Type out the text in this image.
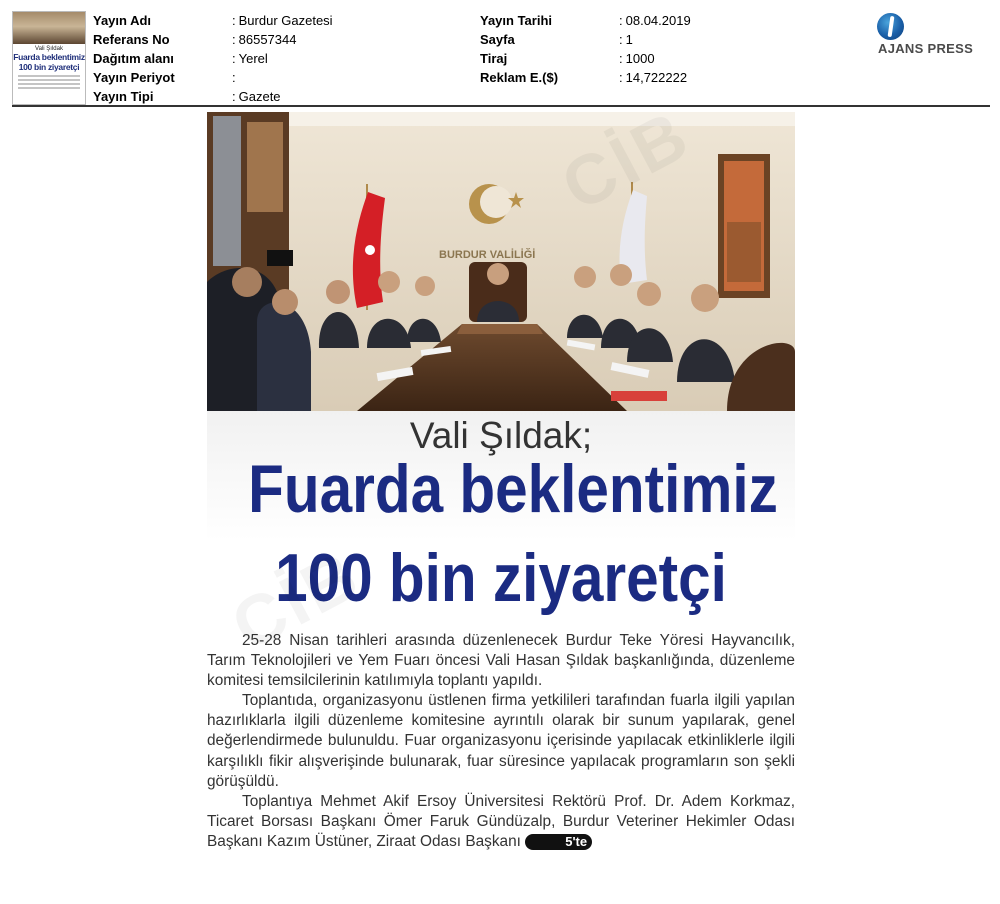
Vali Şıldak
Fuarda beklentimiz
100 bin ziyaretçi
Yayın Adı	: Burdur Gazetesi
Referans No	: 86557344
Dağıtım alanı	: Yerel
Yayın Periyot	:
Yayın Tipi	: Gazete
Yayın Tarihi	: 08.04.2019
Sayfa	: 1
Tiraj	: 1000
Reklam E.($)	: 14,722222
AJANS PRESS
BURDUR VALİLİĞİ
Vali Şıldak;
Fuarda beklentimiz
100 bin ziyaretçi

25-28 Nisan tarihleri arasında düzenlenecek Burdur Teke Yöresi Hayvancılık, Tarım Teknolojileri ve Yem Fuarı öncesi Vali Hasan Şıldak başkanlığında, düzenleme komitesi temsilcilerinin katılımıyla toplantı yapıldı.

Toplantıda, organizasyonu üstlenen firma yetkilileri tarafından fuarla ilgili yapılan hazırlıklarla ilgili düzenleme komitesine ayrıntılı olarak bir sunum yapılarak, genel değerlendirmede bulunuldu. Fuar organizasyonu içerisinde yapılacak etkinliklerle ilgili karşılıklı fikir alışverişinde bulunarak, fuar süresince yapılacak programların son şekli görüşüldü.

Toplantıya Mehmet Akif Ersoy Üniversitesi Rektörü Prof. Dr. Adem Korkmaz, Ticaret Borsası Başkanı Ömer Faruk Gündüzalp, Burdur Veteriner Hekimler Odası Başkanı Kazım Üstüner, Ziraat Odası Başkanı	5'te
